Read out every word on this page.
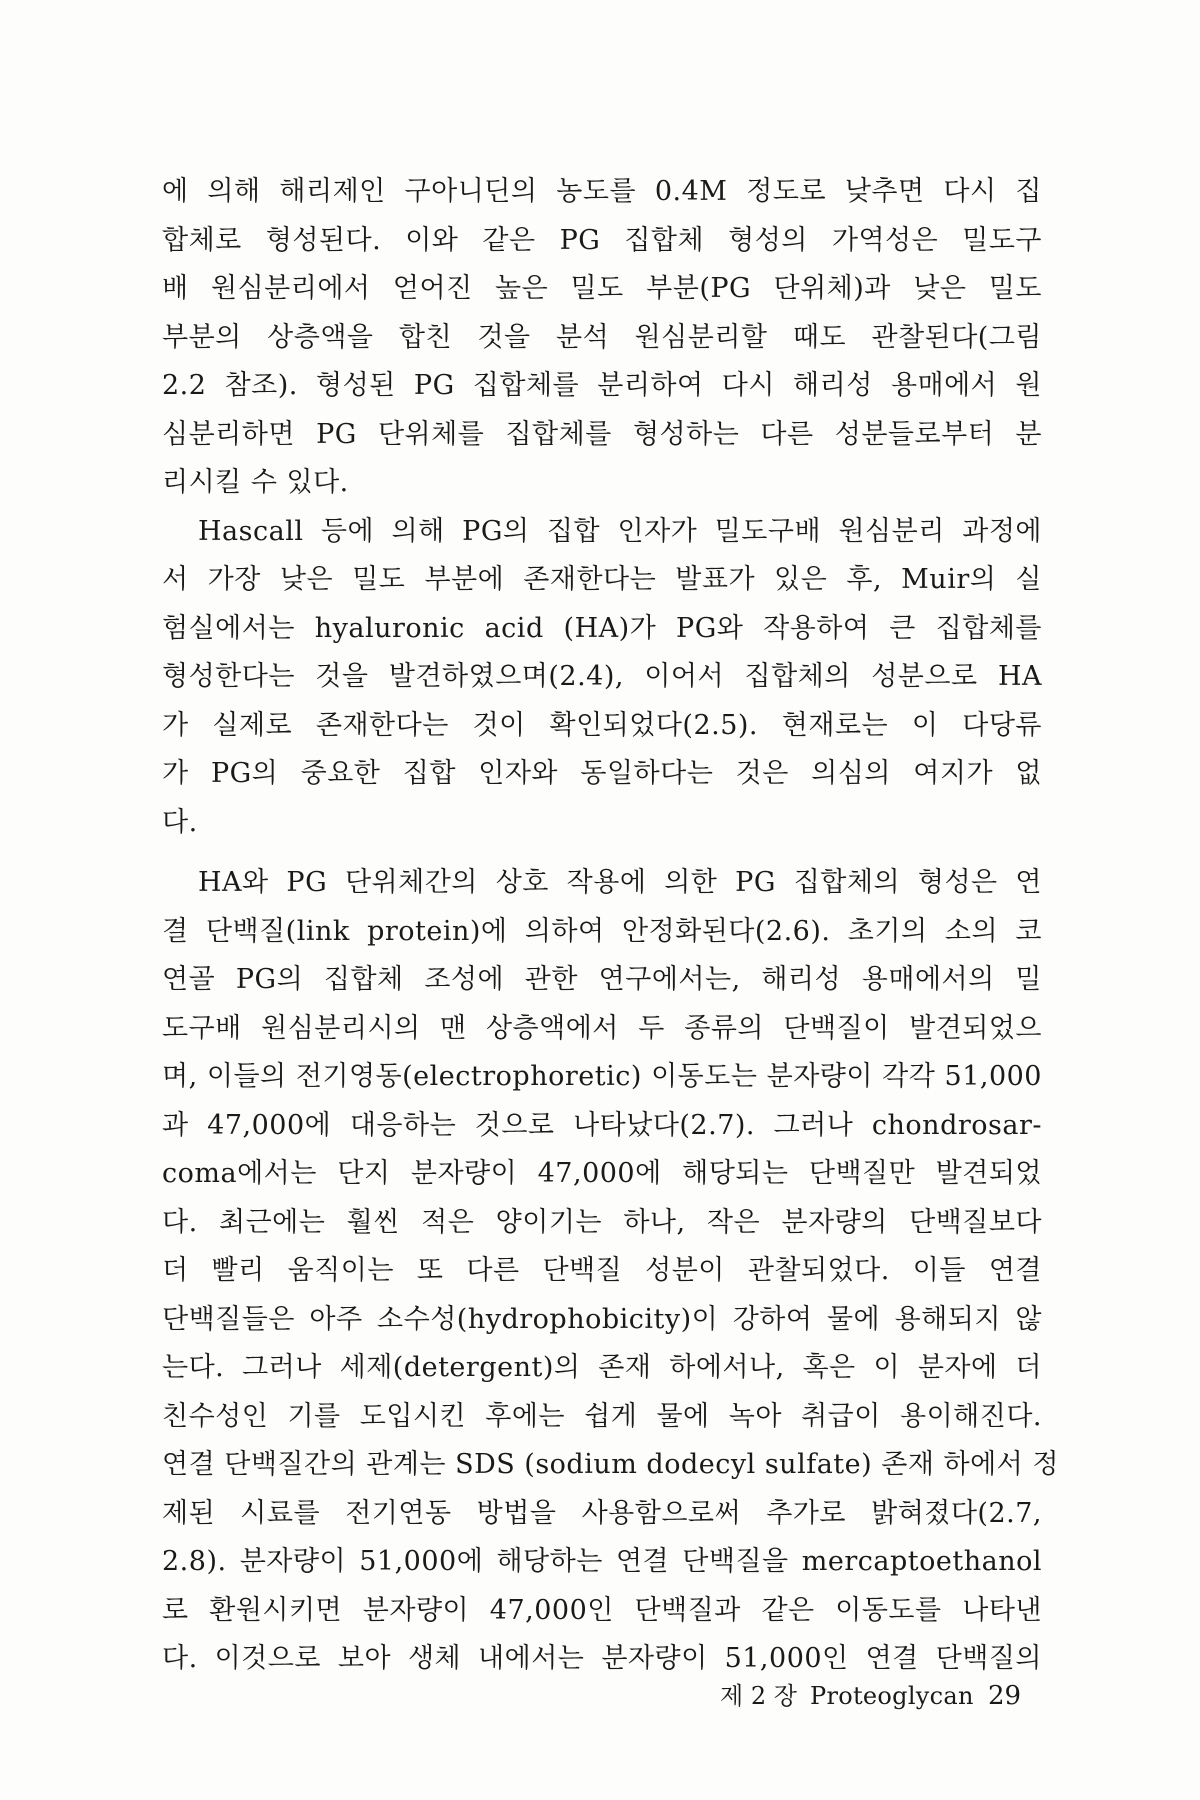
에 의해 해리제인 구아니딘의 농도를 0.4M 정도로 낮추면 다시 집
합체로 형성된다. 이와 같은 PG 집합체 형성의 가역성은 밀도구
배 원심분리에서 얻어진 높은 밀도 부분(PG 단위체)과 낮은 밀도
부분의 상층액을 합친 것을 분석 원심분리할 때도 관찰된다(그림
2.2 참조). 형성된 PG 집합체를 분리하여 다시 해리성 용매에서 원
심분리하면 PG 단위체를 집합체를 형성하는 다른 성분들로부터 분
리시킬 수 있다.
Hascall 등에 의해 PG의 집합 인자가 밀도구배 원심분리 과정에
서 가장 낮은 밀도 부분에 존재한다는 발표가 있은 후, Muir의 실
험실에서는 hyaluronic acid (HA)가 PG와 작용하여 큰 집합체를
형성한다는 것을 발견하였으며(2.4), 이어서 집합체의 성분으로 HA
가 실제로 존재한다는 것이 확인되었다(2.5). 현재로는 이 다당류
가 PG의 중요한 집합 인자와 동일하다는 것은 의심의 여지가 없
다.
HA와 PG 단위체간의 상호 작용에 의한 PG 집합체의 형성은 연
결 단백질(link protein)에 의하여 안정화된다(2.6). 초기의 소의 코
연골 PG의 집합체 조성에 관한 연구에서는, 해리성 용매에서의 밀
도구배 원심분리시의 맨 상층액에서 두 종류의 단백질이 발견되었으
며, 이들의 전기영동(electrophoretic) 이동도는 분자량이 각각 51,000
과 47,000에 대응하는 것으로 나타났다(2.7). 그러나 chondrosar-
coma에서는 단지 분자량이 47,000에 해당되는 단백질만 발견되었
다. 최근에는 훨씬 적은 양이기는 하나, 작은 분자량의 단백질보다
더 빨리 움직이는 또 다른 단백질 성분이 관찰되었다. 이들 연결
단백질들은 아주 소수성(hydrophobicity)이 강하여 물에 용해되지 않
는다. 그러나 세제(detergent)의 존재 하에서나, 혹은 이 분자에 더
친수성인 기를 도입시킨 후에는 쉽게 물에 녹아 취급이 용이해진다.
연결 단백질간의 관계는 SDS (sodium dodecyl sulfate) 존재 하에서 정
제된 시료를 전기연동 방법을 사용함으로써 추가로 밝혀졌다(2.7,
2.8). 분자량이 51,000에 해당하는 연결 단백질을 mercaptoethanol
로 환원시키면 분자량이 47,000인 단백질과 같은 이동도를 나타낸
다. 이것으로 보아 생체 내에서는 분자량이 51,000인 연결 단백질의
제 2 장 Proteoglycan 29
